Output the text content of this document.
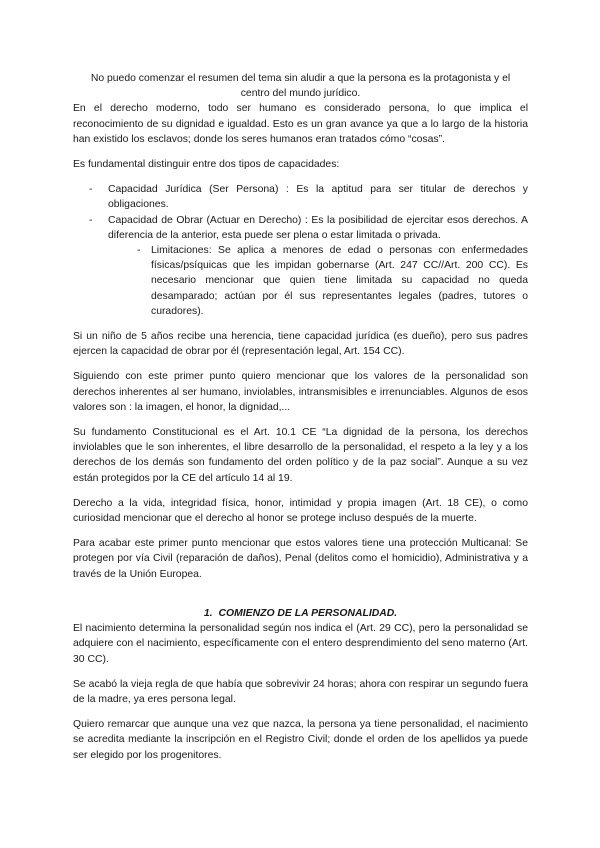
No puedo comenzar el resumen del tema sin aludir a que la persona es la protagonista y el centro del mundo jurídico.

En el derecho moderno, todo ser humano es considerado persona, lo que implica el reconocimiento de su dignidad e igualdad. Esto es un gran avance ya que a lo largo de la historia han existido los esclavos; donde los seres humanos eran tratados cómo “cosas”.

Es fundamental distinguir entre dos tipos de capacidades:

- Capacidad Jurídica (Ser Persona) : Es la aptitud para ser titular de derechos y obligaciones.
- Capacidad de Obrar (Actuar en Derecho) : Es la posibilidad de ejercitar esos derechos. A diferencia de la anterior, esta puede ser plena o estar limitada o privada.
- Limitaciones: Se aplica a menores de edad o personas con enfermedades físicas/psíquicas que les impidan gobernarse (Art. 247 CC//Art. 200 CC). Es necesario mencionar que quien tiene limitada su capacidad no queda desamparado; actúan por él sus representantes legales (padres, tutores o curadores).

Si un niño de 5 años recibe una herencia, tiene capacidad jurídica (es dueño), pero sus padres ejercen la capacidad de obrar por él (representación legal, Art. 154 CC).

Siguiendo con este primer punto quiero mencionar que los valores de la personalidad son derechos inherentes al ser humano, inviolables, intransmisibles e irrenunciables. Algunos de esos valores son : la imagen, el honor, la dignidad,...

Su fundamento Constitucional es el Art. 10.1 CE “La dignidad de la persona, los derechos inviolables que le son inherentes, el libre desarrollo de la personalidad, el respeto a la ley y a los derechos de los demás son fundamento del orden político y de la paz social”. Aunque a su vez están protegidos por la CE del artículo 14 al 19.

Derecho a la vida, integridad física, honor, intimidad y propia imagen (Art. 18 CE), o como curiosidad mencionar que el derecho al honor se protege incluso después de la muerte.

Para acabar este primer punto mencionar que estos valores tiene una protección Multicanal: Se protegen por vía Civil (reparación de daños), Penal (delitos como el homicidio), Administrativa y a través de la Unión Europea.

1. COMIENZO DE LA PERSONALIDAD.

El nacimiento determina la personalidad según nos indica el (Art. 29 CC), pero la personalidad se adquiere con el nacimiento, específicamente con el entero desprendimiento del seno materno (Art. 30 CC).

Se acabó la vieja regla de que había que sobrevivir 24 horas; ahora con respirar un segundo fuera de la madre, ya eres persona legal.

Quiero remarcar que aunque una vez que nazca, la persona ya tiene personalidad, el nacimiento se acredita mediante la inscripción en el Registro Civil; donde el orden de los apellidos ya puede ser elegido por los progenitores.
